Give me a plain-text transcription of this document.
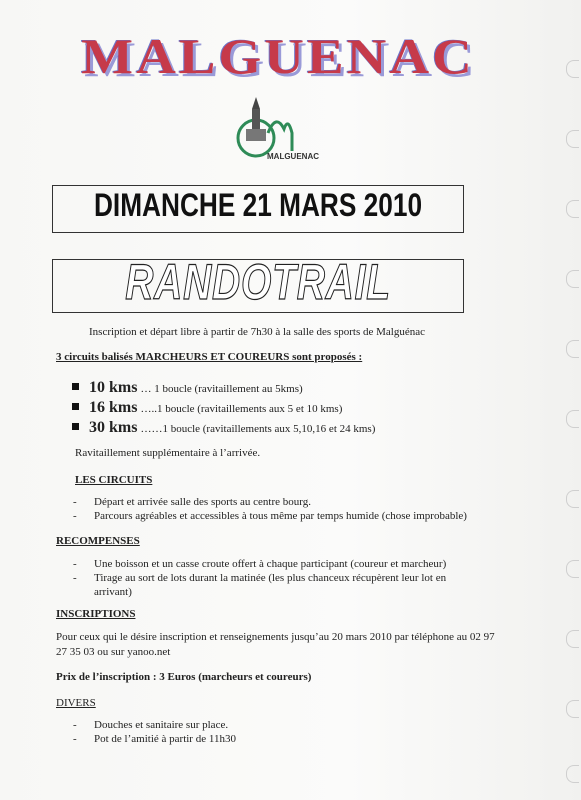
MALGUENAC
MALGUENAC
DIMANCHE 21 MARS 2010
RANDOTRAIL
Inscription et départ libre à partir de 7h30 à la salle des sports de Malguénac
3 circuits balisés MARCHEURS ET COUREURS sont proposés :
10 kms … 1 boucle (ravitaillement au 5kms)
16 kms …..1 boucle (ravitaillements aux 5 et 10 kms)
30 kms ……1 boucle (ravitaillements aux 5,10,16 et 24 kms)
Ravitaillement supplémentaire à l’arrivée.
LES CIRCUITS
- Départ et arrivée salle des sports au centre bourg.
- Parcours agréables et accessibles à tous même par temps humide (chose improbable)
RECOMPENSES
- Une boisson et un casse croute offert à chaque participant (coureur et marcheur)
- Tirage au sort de lots durant la matinée (les plus chanceux récupèrent leur lot en arrivant)
INSCRIPTIONS
Pour ceux qui le désire inscription et renseignements jusqu’au 20 mars 2010 par téléphone au 02 97 27 35 03 ou sur yanoo.net
Prix de l’inscription : 3 Euros (marcheurs et coureurs)
DIVERS
- Douches et sanitaire sur place.
- Pot de l’amitié à partir de 11h30
